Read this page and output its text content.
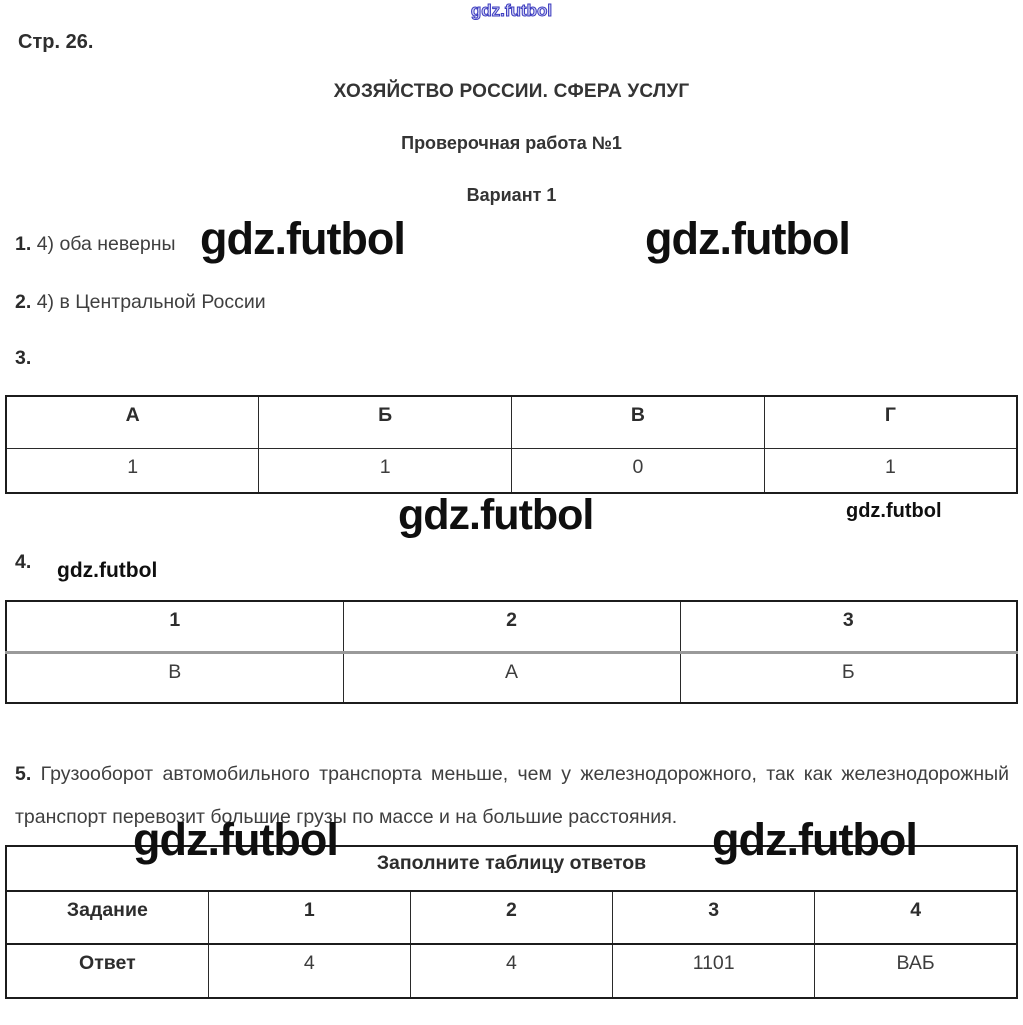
gdz.futbol
gdz.futbol	gdz.futbol
gdz.futbol	gdz.futbol
gdz.futbol
gdz.futbol	gdz.futbol
Стр. 26.
ХОЗЯЙСТВО РОССИИ. СФЕРА УСЛУГ
Проверочная работа №1
Вариант 1
1. 4) оба неверны
2. 4) в Центральной России
3.
А	Б	В	Г
1	1	0	1
4.
1	2	3
В	А	Б
5. Грузооборот автомобильного транспорта меньше, чем у железнодорожного, так как железнодорожный транспорт перевозит большие грузы по массе и на большие расстояния.
Заполните таблицу ответов				
Задание	1	2	3	4
Ответ	4	4	1101	ВАБ
